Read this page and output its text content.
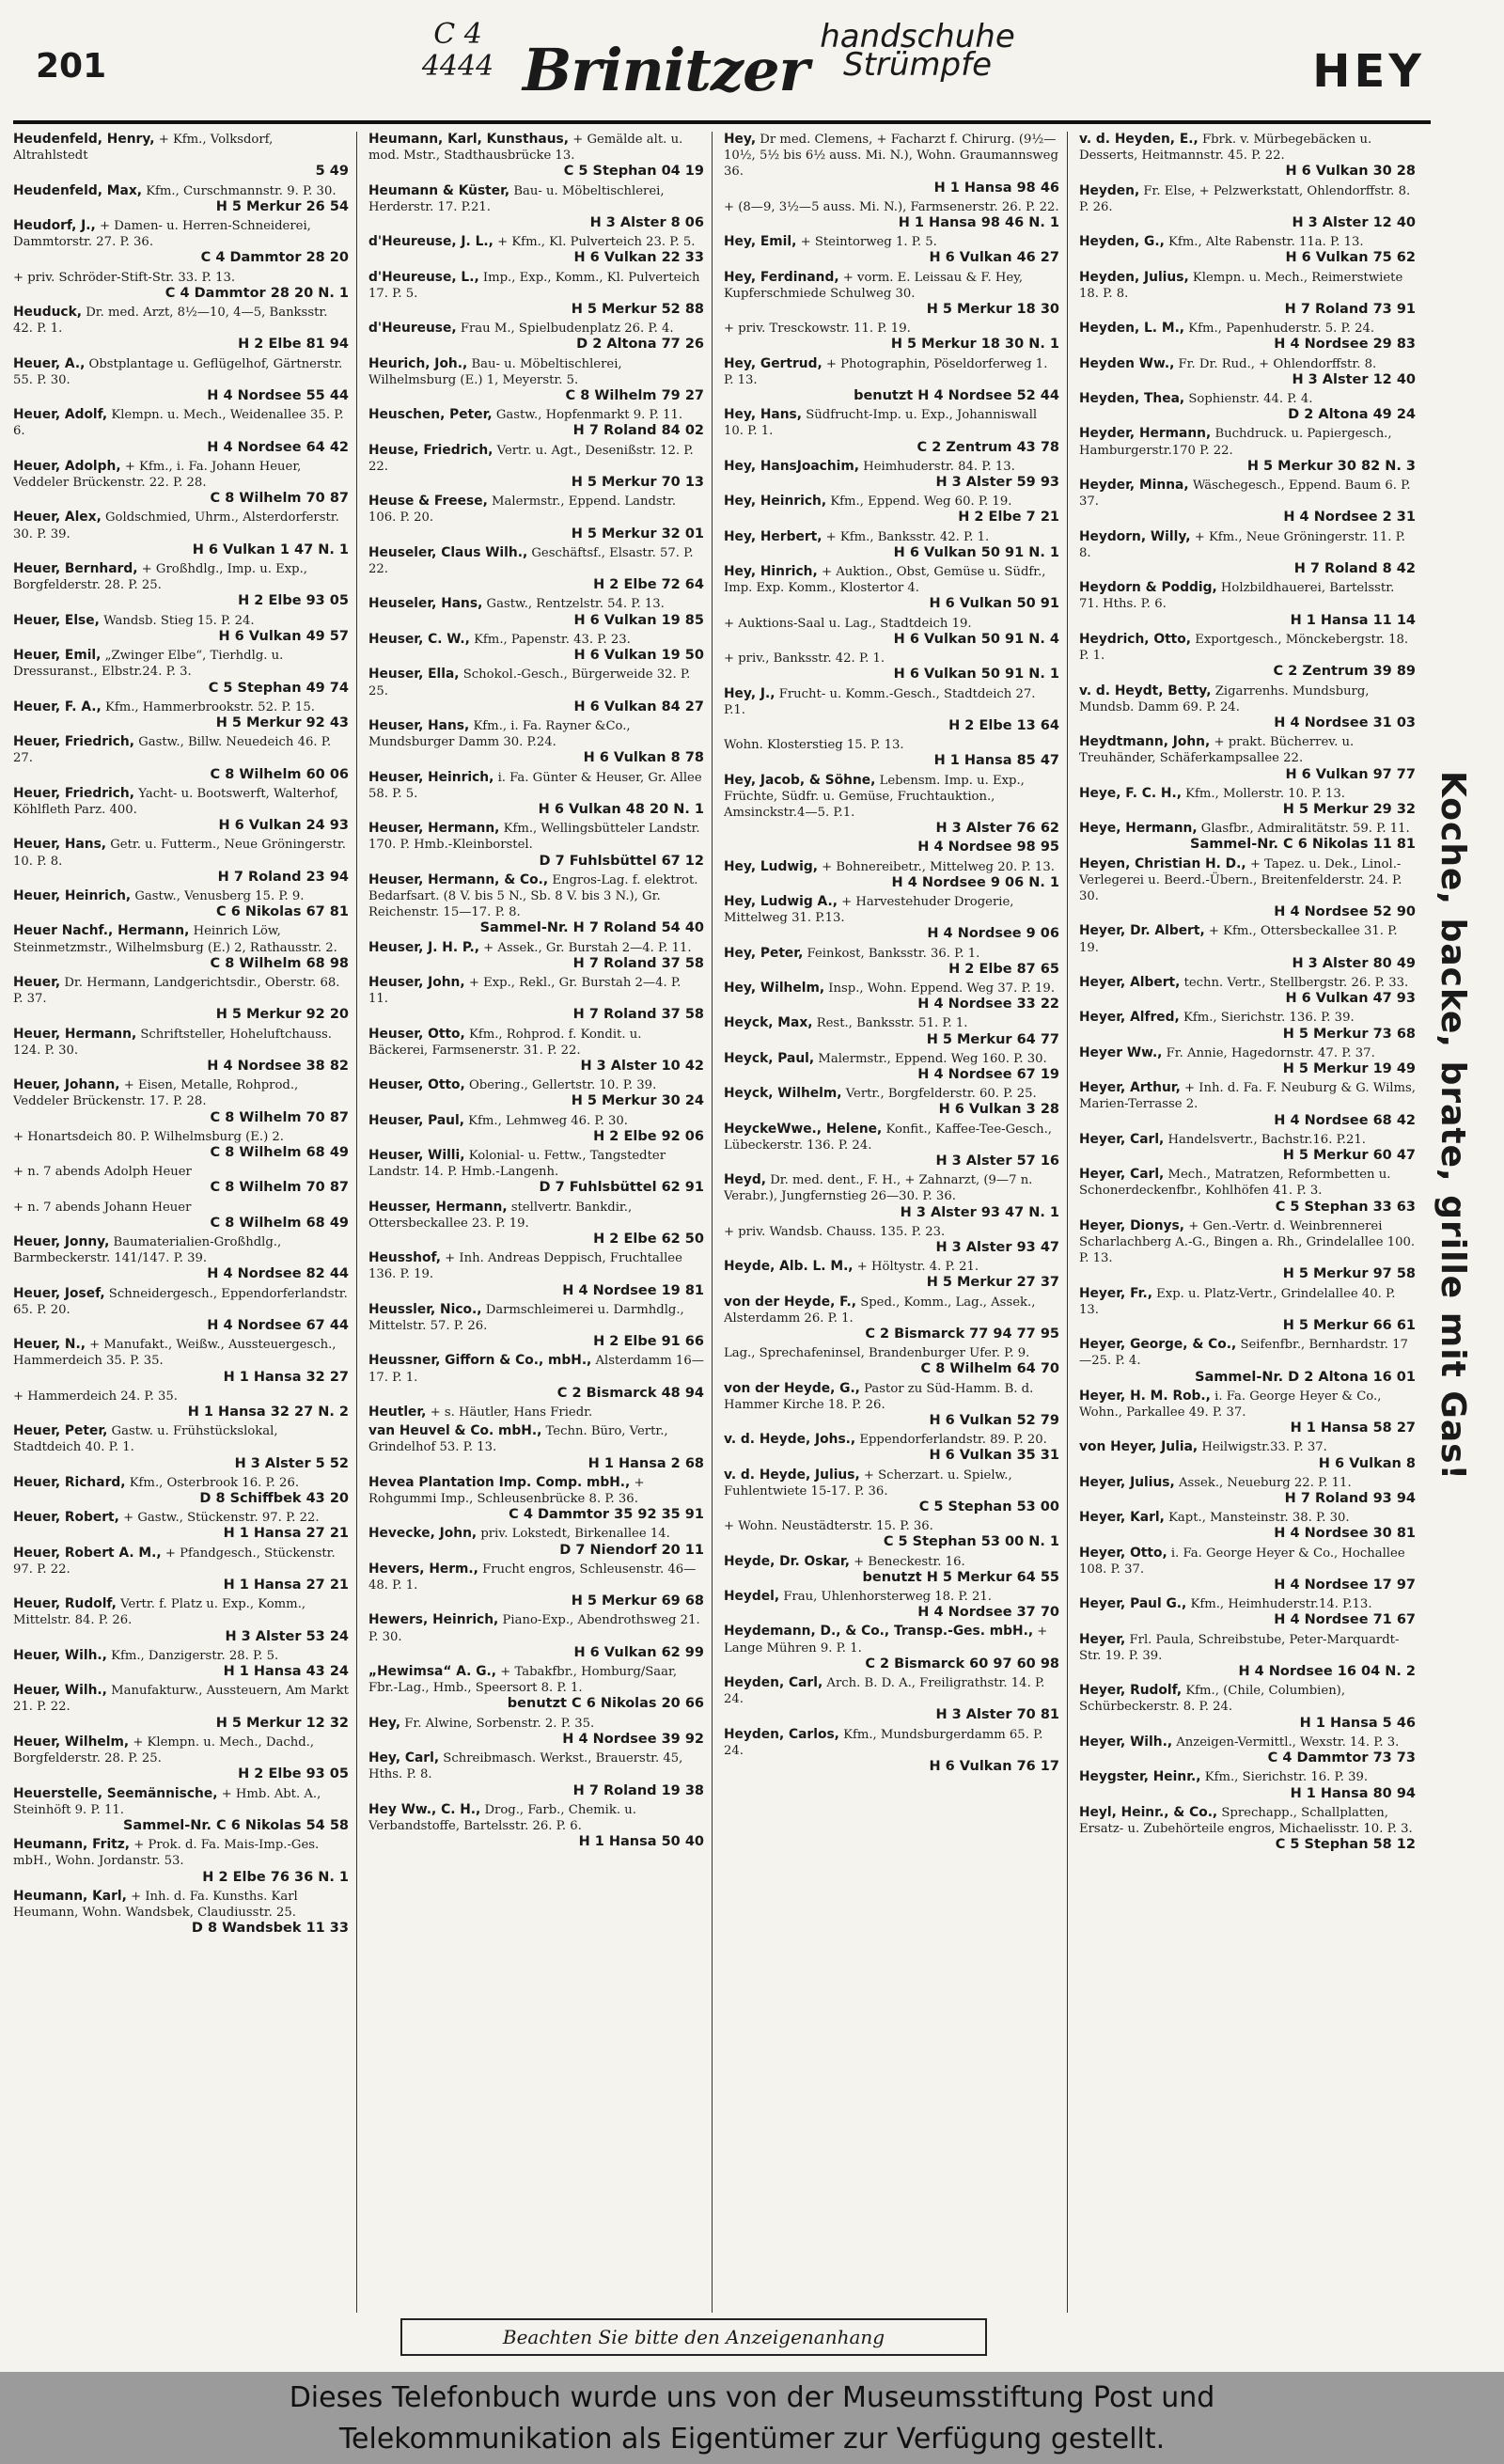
201
C 4
4444 Brinitzer handschuhe
Strümpfe	HEY
Heudenfeld, Henry, + Kfm., Volksdorf, Altrahlstedt
5 49
Heudenfeld, Max, Kfm., Curschmannstr. 9. P. 30.
H 5 Merkur 26 54
Heudorf, J., + Damen- u. Herren-Schneiderei, Dammtorstr. 27. P. 36.
C 4 Dammtor 28 20
+ priv. Schröder-Stift-Str. 33. P. 13.
C 4 Dammtor 28 20 N. 1
Heuduck, Dr. med. Arzt, 8½—10, 4—5, Banksstr. 42. P. 1.
H 2 Elbe 81 94
Heuer, A., Obstplantage u. Geflügelhof, Gärtnerstr. 55. P. 30.
H 4 Nordsee 55 44
Heuer, Adolf, Klempn. u. Mech., Weidenallee 35. P. 6.
H 4 Nordsee 64 42
Heuer, Adolph, + Kfm., i. Fa. Johann Heuer, Veddeler Brückenstr. 22. P. 28.
C 8 Wilhelm 70 87
Heuer, Alex, Goldschmied, Uhrm., Alsterdorferstr. 30. P. 39.
H 6 Vulkan 1 47 N. 1
Heuer, Bernhard, + Großhdlg., Imp. u. Exp., Borgfelderstr. 28. P. 25.
H 2 Elbe 93 05
Heuer, Else, Wandsb. Stieg 15. P. 24.
H 6 Vulkan 49 57
Heuer, Emil, „Zwinger Elbe“, Tierhdlg. u. Dressuranst., Elbstr.24. P. 3.
C 5 Stephan 49 74
Heuer, F. A., Kfm., Hammerbrookstr. 52. P. 15.
H 5 Merkur 92 43
Heuer, Friedrich, Gastw., Billw. Neuedeich 46. P. 27.
C 8 Wilhelm 60 06
Heuer, Friedrich, Yacht- u. Bootswerft, Walterhof, Köhlfleth Parz. 400.
H 6 Vulkan 24 93
Heuer, Hans, Getr. u. Futterm., Neue Gröningerstr. 10. P. 8.
H 7 Roland 23 94
Heuer, Heinrich, Gastw., Venusberg 15. P. 9.
C 6 Nikolas 67 81
Heuer Nachf., Hermann, Heinrich Löw, Steinmetzmstr., Wilhelmsburg (E.) 2, Rathausstr. 2.
C 8 Wilhelm 68 98
Heuer, Dr. Hermann, Landgerichtsdir., Oberstr. 68. P. 37.
H 5 Merkur 92 20
Heuer, Hermann, Schriftsteller, Hoheluftchauss. 124. P. 30.
H 4 Nordsee 38 82
Heuer, Johann, + Eisen, Metalle, Rohprod., Veddeler Brückenstr. 17. P. 28.
C 8 Wilhelm 70 87
+ Honartsdeich 80. P. Wilhelmsburg (E.) 2.
C 8 Wilhelm 68 49
+ n. 7 abends Adolph Heuer
C 8 Wilhelm 70 87
+ n. 7 abends Johann Heuer
C 8 Wilhelm 68 49
Heuer, Jonny, Baumaterialien-Großhdlg., Barmbeckerstr. 141/147. P. 39.
H 4 Nordsee 82 44
Heuer, Josef, Schneidergesch., Eppendorferlandstr. 65. P. 20.
H 4 Nordsee 67 44
Heuer, N., + Manufakt., Weißw., Aussteuergesch., Hammerdeich 35. P. 35.
H 1 Hansa 32 27
+ Hammerdeich 24. P. 35.
H 1 Hansa 32 27 N. 2
Heuer, Peter, Gastw. u. Frühstückslokal, Stadtdeich 40. P. 1.
H 3 Alster 5 52
Heuer, Richard, Kfm., Osterbrook 16. P. 26.
D 8 Schiffbek 43 20
Heuer, Robert, + Gastw., Stückenstr. 97. P. 22.
H 1 Hansa 27 21
Heuer, Robert A. M., + Pfandgesch., Stückenstr. 97. P. 22.
H 1 Hansa 27 21
Heuer, Rudolf, Vertr. f. Platz u. Exp., Komm., Mittelstr. 84. P. 26.
H 3 Alster 53 24
Heuer, Wilh., Kfm., Danzigerstr. 28. P. 5.
H 1 Hansa 43 24
Heuer, Wilh., Manufakturw., Aussteuern, Am Markt 21. P. 22.
H 5 Merkur 12 32
Heuer, Wilhelm, + Klempn. u. Mech., Dachd., Borgfelderstr. 28. P. 25.
H 2 Elbe 93 05
Heuerstelle, Seemännische, + Hmb. Abt. A., Steinhöft 9. P. 11.
Sammel-Nr. C 6 Nikolas 54 58
Heumann, Fritz, + Prok. d. Fa. Mais-Imp.-Ges. mbH., Wohn. Jordanstr. 53.
H 2 Elbe 76 36 N. 1
Heumann, Karl, + Inh. d. Fa. Kunsths. Karl Heumann, Wohn. Wandsbek, Claudiusstr. 25.
D 8 Wandsbek 11 33
Heumann, Karl, Kunsthaus, + Gemälde alt. u. mod. Mstr., Stadthausbrücke 13.
C 5 Stephan 04 19
Heumann & Küster, Bau- u. Möbeltischlerei, Herderstr. 17. P.21.
H 3 Alster 8 06
d'Heureuse, J. L., + Kfm., Kl. Pulverteich 23. P. 5.
H 6 Vulkan 22 33
d'Heureuse, L., Imp., Exp., Komm., Kl. Pulverteich 17. P. 5.
H 5 Merkur 52 88
d'Heureuse, Frau M., Spielbudenplatz 26. P. 4.
D 2 Altona 77 26
Heurich, Joh., Bau- u. Möbeltischlerei, Wilhelmsburg (E.) 1, Meyerstr. 5.
C 8 Wilhelm 79 27
Heuschen, Peter, Gastw., Hopfenmarkt 9. P. 11.
H 7 Roland 84 02
Heuse, Friedrich, Vertr. u. Agt., Desenißstr. 12. P. 22.
H 5 Merkur 70 13
Heuse & Freese, Malermstr., Eppend. Landstr. 106. P. 20.
H 5 Merkur 32 01
Heuseler, Claus Wilh., Geschäftsf., Elsastr. 57. P. 22.
H 2 Elbe 72 64
Heuseler, Hans, Gastw., Rentzelstr. 54. P. 13.
H 6 Vulkan 19 85
Heuser, C. W., Kfm., Papenstr. 43. P. 23.
H 6 Vulkan 19 50
Heuser, Ella, Schokol.-Gesch., Bürgerweide 32. P. 25.
H 6 Vulkan 84 27
Heuser, Hans, Kfm., i. Fa. Rayner &Co., Mundsburger Damm 30. P.24.
H 6 Vulkan 8 78
Heuser, Heinrich, i. Fa. Günter & Heuser, Gr. Allee 58. P. 5.
H 6 Vulkan 48 20 N. 1
Heuser, Hermann, Kfm., Wellingsbütteler Landstr. 170. P. Hmb.-Kleinborstel.
D 7 Fuhlsbüttel 67 12
Heuser, Hermann, & Co., Engros-Lag. f. elektrot. Bedarfsart. (8 V. bis 5 N., Sb. 8 V. bis 3 N.), Gr. Reichenstr. 15—17. P. 8.
Sammel-Nr. H 7 Roland 54 40
Heuser, J. H. P., + Assek., Gr. Burstah 2—4. P. 11.
H 7 Roland 37 58
Heuser, John, + Exp., Rekl., Gr. Burstah 2—4. P. 11.
H 7 Roland 37 58
Heuser, Otto, Kfm., Rohprod. f. Kondit. u. Bäckerei, Farmsenerstr. 31. P. 22.
H 3 Alster 10 42
Heuser, Otto, Obering., Gellertstr. 10. P. 39.
H 5 Merkur 30 24
Heuser, Paul, Kfm., Lehmweg 46. P. 30.
H 2 Elbe 92 06
Heuser, Willi, Kolonial- u. Fettw., Tangstedter Landstr. 14. P. Hmb.-Langenh.
D 7 Fuhlsbüttel 62 91
Heusser, Hermann, stellvertr. Bankdir., Ottersbeckallee 23. P. 19.
H 2 Elbe 62 50
Heusshof, + Inh. Andreas Deppisch, Fruchtallee 136. P. 19.
H 4 Nordsee 19 81
Heussler, Nico., Darmschleimerei u. Darmhdlg., Mittelstr. 57. P. 26.
H 2 Elbe 91 66
Heussner, Gifforn & Co., mbH., Alsterdamm 16—17. P. 1.
C 2 Bismarck 48 94
Heutler, + s. Häutler, Hans Friedr.
van Heuvel & Co. mbH., Techn. Büro, Vertr., Grindelhof 53. P. 13.
H 1 Hansa 2 68
Hevea Plantation Imp. Comp. mbH., + Rohgummi Imp., Schleusenbrücke 8. P. 36.
C 4 Dammtor 35 92 35 91
Hevecke, John, priv. Lokstedt, Birkenallee 14.
D 7 Niendorf 20 11
Hevers, Herm., Frucht engros, Schleusenstr. 46—48. P. 1.
H 5 Merkur 69 68
Hewers, Heinrich, Piano-Exp., Abendrothsweg 21. P. 30.
H 6 Vulkan 62 99
„Hewimsa“ A. G., + Tabakfbr., Homburg/Saar, Fbr.-Lag., Hmb., Speersort 8. P. 1.
benutzt C 6 Nikolas 20 66
Hey, Fr. Alwine, Sorbenstr. 2. P. 35.
H 4 Nordsee 39 92
Hey, Carl, Schreibmasch. Werkst., Brauerstr. 45, Hths. P. 8.
H 7 Roland 19 38
Hey Ww., C. H., Drog., Farb., Chemik. u. Verbandstoffe, Bartelsstr. 26. P. 6.
H 1 Hansa 50 40
Hey, Dr med. Clemens, + Facharzt f. Chirurg. (9½—10½, 5½ bis 6½ auss. Mi. N.), Wohn. Graumannsweg 36.
H 1 Hansa 98 46
+ (8—9, 3½—5 auss. Mi. N.), Farmsenerstr. 26. P. 22.
H 1 Hansa 98 46 N. 1
Hey, Emil, + Steintorweg 1. P. 5.
H 6 Vulkan 46 27
Hey, Ferdinand, + vorm. E. Leissau & F. Hey, Kupferschmiede Schulweg 30.
H 5 Merkur 18 30
+ priv. Tresckowstr. 11. P. 19.
H 5 Merkur 18 30 N. 1
Hey, Gertrud, + Photographin, Pöseldorferweg 1. P. 13.
benutzt H 4 Nordsee 52 44
Hey, Hans, Südfrucht-Imp. u. Exp., Johanniswall 10. P. 1.
C 2 Zentrum 43 78
Hey, HansJoachim, Heimhuderstr. 84. P. 13.
H 3 Alster 59 93
Hey, Heinrich, Kfm., Eppend. Weg 60. P. 19.
H 2 Elbe 7 21
Hey, Herbert, + Kfm., Banksstr. 42. P. 1.
H 6 Vulkan 50 91 N. 1
Hey, Hinrich, + Auktion., Obst, Gemüse u. Südfr., Imp. Exp. Komm., Klostertor 4.
H 6 Vulkan 50 91
+ Auktions-Saal u. Lag., Stadtdeich 19.
H 6 Vulkan 50 91 N. 4
+ priv., Banksstr. 42. P. 1.
H 6 Vulkan 50 91 N. 1
Hey, J., Frucht- u. Komm.-Gesch., Stadtdeich 27. P.1.
H 2 Elbe 13 64
Wohn. Klosterstieg 15. P. 13.
H 1 Hansa 85 47
Hey, Jacob, & Söhne, Lebensm. Imp. u. Exp., Früchte, Südfr. u. Gemüse, Fruchtauktion., Amsinckstr.4—5. P.1.
H 3 Alster 76 62
H 4 Nordsee 98 95
Hey, Ludwig, + Bohnereibetr., Mittelweg 20. P. 13.
H 4 Nordsee 9 06 N. 1
Hey, Ludwig A., + Harvestehuder Drogerie, Mittelweg 31. P.13.
H 4 Nordsee 9 06
Hey, Peter, Feinkost, Banksstr. 36. P. 1.
H 2 Elbe 87 65
Hey, Wilhelm, Insp., Wohn. Eppend. Weg 37. P. 19.
H 4 Nordsee 33 22
Heyck, Max, Rest., Banksstr. 51. P. 1.
H 5 Merkur 64 77
Heyck, Paul, Malermstr., Eppend. Weg 160. P. 30.
H 4 Nordsee 67 19
Heyck, Wilhelm, Vertr., Borgfelderstr. 60. P. 25.
H 6 Vulkan 3 28
HeyckeWwe., Helene, Konfit., Kaffee-Tee-Gesch., Lübeckerstr. 136. P. 24.
H 3 Alster 57 16
Heyd, Dr. med. dent., F. H., + Zahnarzt, (9—7 n. Verabr.), Jungfernstieg 26—30. P. 36.
H 3 Alster 93 47 N. 1
+ priv. Wandsb. Chauss. 135. P. 23.
H 3 Alster 93 47
Heyde, Alb. L. M., + Höltystr. 4. P. 21.
H 5 Merkur 27 37
von der Heyde, F., Sped., Komm., Lag., Assek., Alsterdamm 26. P. 1.
C 2 Bismarck 77 94 77 95
Lag., Sprechafeninsel, Brandenburger Ufer. P. 9.
C 8 Wilhelm 64 70
von der Heyde, G., Pastor zu Süd-Hamm. B. d. Hammer Kirche 18. P. 26.
H 6 Vulkan 52 79
v. d. Heyde, Johs., Eppendorferlandstr. 89. P. 20.
H 6 Vulkan 35 31
v. d. Heyde, Julius, + Scherzart. u. Spielw., Fuhlentwiete 15-17. P. 36.
C 5 Stephan 53 00
+ Wohn. Neustädterstr. 15. P. 36.
C 5 Stephan 53 00 N. 1
Heyde, Dr. Oskar, + Beneckestr. 16.
benutzt H 5 Merkur 64 55
Heydel, Frau, Uhlenhorsterweg 18. P. 21.
H 4 Nordsee 37 70
Heydemann, D., & Co., Transp.-Ges. mbH., + Lange Mühren 9. P. 1.
C 2 Bismarck 60 97 60 98
Heyden, Carl, Arch. B. D. A., Freiligrathstr. 14. P. 24.
H 3 Alster 70 81
Heyden, Carlos, Kfm., Mundsburgerdamm 65. P. 24.
H 6 Vulkan 76 17
v. d. Heyden, E., Fbrk. v. Mürbegebäcken u. Desserts, Heitmannstr. 45. P. 22.
H 6 Vulkan 30 28
Heyden, Fr. Else, + Pelzwerkstatt, Ohlendorffstr. 8. P. 26.
H 3 Alster 12 40
Heyden, G., Kfm., Alte Rabenstr. 11a. P. 13.
H 6 Vulkan 75 62
Heyden, Julius, Klempn. u. Mech., Reimerstwiete 18. P. 8.
H 7 Roland 73 91
Heyden, L. M., Kfm., Papenhuderstr. 5. P. 24.
H 4 Nordsee 29 83
Heyden Ww., Fr. Dr. Rud., + Ohlendorffstr. 8.
H 3 Alster 12 40
Heyden, Thea, Sophienstr. 44. P. 4.
D 2 Altona 49 24
Heyder, Hermann, Buchdruck. u. Papiergesch., Hamburgerstr.170 P. 22.
H 5 Merkur 30 82 N. 3
Heyder, Minna, Wäschegesch., Eppend. Baum 6. P. 37.
H 4 Nordsee 2 31
Heydorn, Willy, + Kfm., Neue Gröningerstr. 11. P. 8.
H 7 Roland 8 42
Heydorn & Poddig, Holzbildhauerei, Bartelsstr. 71. Hths. P. 6.
H 1 Hansa 11 14
Heydrich, Otto, Exportgesch., Mönckebergstr. 18. P. 1.
C 2 Zentrum 39 89
v. d. Heydt, Betty, Zigarrenhs. Mundsburg, Mundsb. Damm 69. P. 24.
H 4 Nordsee 31 03
Heydtmann, John, + prakt. Bücherrev. u. Treuhänder, Schäferkampsallee 22.
H 6 Vulkan 97 77
Heye, F. C. H., Kfm., Mollerstr. 10. P. 13.
H 5 Merkur 29 32
Heye, Hermann, Glasfbr., Admiralitätstr. 59. P. 11.
Sammel-Nr. C 6 Nikolas 11 81
Heyen, Christian H. D., + Tapez. u. Dek., Linol.-Verlegerei u. Beerd.-Übern., Breitenfelderstr. 24. P. 30.
H 4 Nordsee 52 90
Heyer, Dr. Albert, + Kfm., Ottersbeckallee 31. P. 19.
H 3 Alster 80 49
Heyer, Albert, techn. Vertr., Stellbergstr. 26. P. 33.
H 6 Vulkan 47 93
Heyer, Alfred, Kfm., Sierichstr. 136. P. 39.
H 5 Merkur 73 68
Heyer Ww., Fr. Annie, Hagedornstr. 47. P. 37.
H 5 Merkur 19 49
Heyer, Arthur, + Inh. d. Fa. F. Neuburg & G. Wilms, Marien-Terrasse 2.
H 4 Nordsee 68 42
Heyer, Carl, Handelsvertr., Bachstr.16. P.21.
H 5 Merkur 60 47
Heyer, Carl, Mech., Matratzen, Reformbetten u. Schonerdeckenfbr., Kohlhöfen 41. P. 3.
C 5 Stephan 33 63
Heyer, Dionys, + Gen.-Vertr. d. Weinbrennerei Scharlachberg A.-G., Bingen a. Rh., Grindelallee 100. P. 13.
H 5 Merkur 97 58
Heyer, Fr., Exp. u. Platz-Vertr., Grindelallee 40. P. 13.
H 5 Merkur 66 61
Heyer, George, & Co., Seifenfbr., Bernhardstr. 17—25. P. 4.
Sammel-Nr. D 2 Altona 16 01
Heyer, H. M. Rob., i. Fa. George Heyer & Co., Wohn., Parkallee 49. P. 37.
H 1 Hansa 58 27
von Heyer, Julia, Heilwigstr.33. P. 37.
H 6 Vulkan 8
Heyer, Julius, Assek., Neueburg 22. P. 11.
H 7 Roland 93 94
Heyer, Karl, Kapt., Mansteinstr. 38. P. 30.
H 4 Nordsee 30 81
Heyer, Otto, i. Fa. George Heyer & Co., Hochallee 108. P. 37.
H 4 Nordsee 17 97
Heyer, Paul G., Kfm., Heimhuderstr.14. P.13.
H 4 Nordsee 71 67
Heyer, Frl. Paula, Schreibstube, Peter-Marquardt-Str. 19. P. 39.
H 4 Nordsee 16 04 N. 2
Heyer, Rudolf, Kfm., (Chile, Columbien), Schürbeckerstr. 8. P. 24.
H 1 Hansa 5 46
Heyer, Wilh., Anzeigen-Vermittl., Wexstr. 14. P. 3.
C 4 Dammtor 73 73
Heygster, Heinr., Kfm., Sierichstr. 16. P. 39.
H 1 Hansa 80 94
Heyl, Heinr., & Co., Sprechapp., Schallplatten, Ersatz- u. Zubehörteile engros, Michaelisstr. 10. P. 3.
C 5 Stephan 58 12
Koche, backe, brate, grille mit Gas!
Beachten Sie bitte den Anzeigenanhang
Dieses Telefonbuch wurde uns von der Museumsstiftung Post und
Telekommunikation als Eigentümer zur Verfügung gestellt.
